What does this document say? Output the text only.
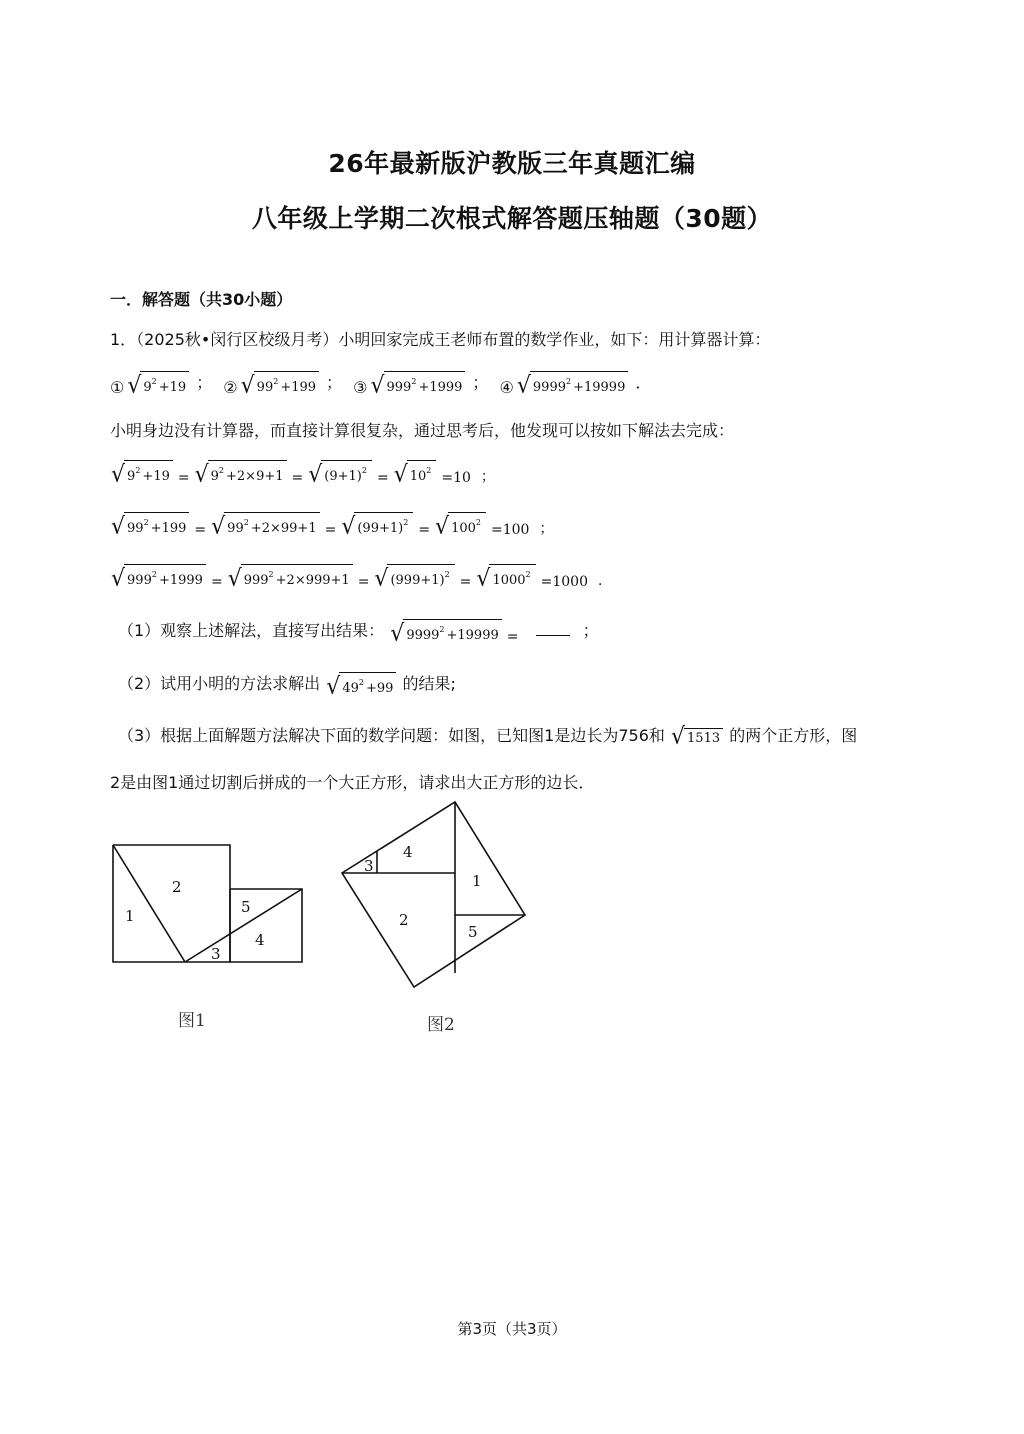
26年最新版沪教版三年真题汇编
八年级上学期二次根式解答题压轴题（30题）
一．解答题（共30小题）
1．（2025秋•闵行区校级月考）小明回家完成王老师布置的数学作业，如下：用计算器计算：
① √ $9^2 +19$ ； ② √ $99^2 +199$ ； ③ √ $999^2 +1999$ ； ④ √ $9999^2 +19999$ ．
小明身边没有计算器，而直接计算很复杂，通过思考后，他发现可以按如下解法去完成：
√ $9^2 +19$ = √ $9^2 +2\times 9+1$ = √ $(9+1)^2$ = √ $10^2 =10$ ；
√ $99^2 +199$ = √ $99^2 +2\times 99+1$ = √ $(99+1)^2$ = √ $100^2 =100$ ；
√ $999^2 +1999$ = √ $999^2 +2\times 999+1$ = √ $(999+1)^2$ = √ $1000^2 =1000$ ．
（1）观察上述解法，直接写出结果： √ $9999^2 +19999$ =	；
（2）试用小明的方法求解出 √ $49^2 +99$ 的结果;
（3）根据上面解题方法解决下面的数学问题：如图，已知图1是边长为756和 √ 1513 的两个正方形，图
2是由图1通过切割后拼成的一个大正方形，请求出大正方形的边长．
1
2
3
4
5
图1
3
4
1
2
5
图2
第3页（共3页）
